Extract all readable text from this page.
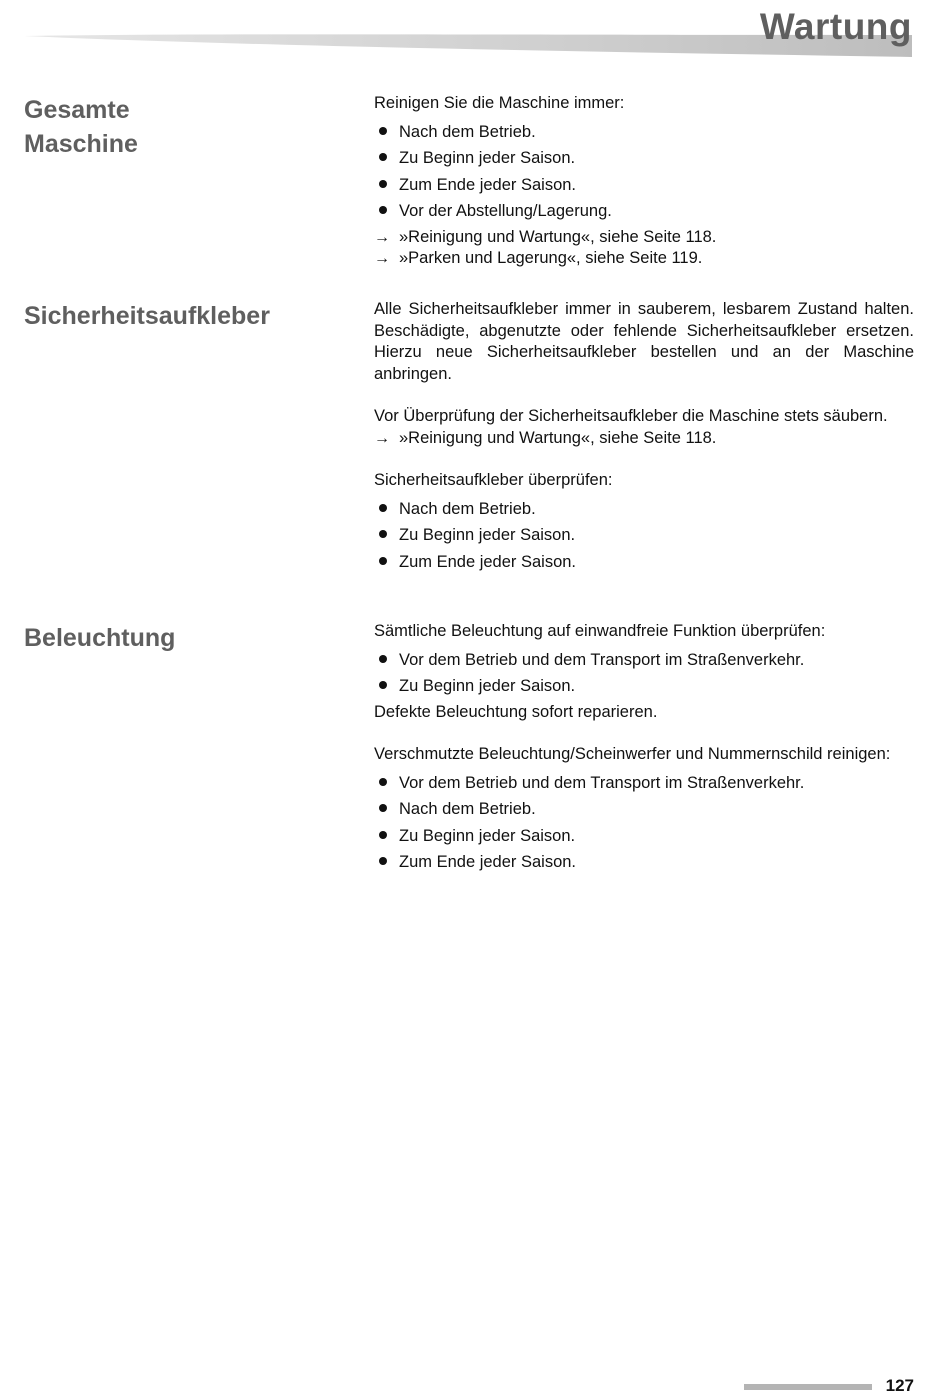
Wartung
Gesamte
Maschine

Reinigen Sie die Maschine immer:

Nach dem Betrieb.
Zu Beginn jeder Saison.
Zum Ende jeder Saison.
Vor der Abstellung/Lagerung.

→ »Reinigung und Wartung«, siehe Seite 118.

→ »Parken und Lagerung«, siehe Seite 119.

Sicherheitsaufkleber	Alle Sicherheitsaufkleber immer in sauberem, lesbarem Zustand halten. Beschädigte, abgenutzte oder fehlende Sicherheitsaufkleber ersetzen. Hierzu neue Sicherheitsaufkleber bestellen und an der Maschine anbringen.

Vor Überprüfung der Sicherheitsaufkleber die Maschine stets säubern.

→ »Reinigung und Wartung«, siehe Seite 118.

Sicherheitsaufkleber überprüfen:

Nach dem Betrieb.
Zu Beginn jeder Saison.
Zum Ende jeder Saison.
Beleuchtung	Sämtliche Beleuchtung auf einwandfreie Funktion überprüfen:

Vor dem Betrieb und dem Transport im Straßenverkehr.
Zu Beginn jeder Saison.

Defekte Beleuchtung sofort reparieren.

Verschmutzte Beleuchtung/Scheinwerfer und Nummernschild reinigen:

Vor dem Betrieb und dem Transport im Straßenverkehr.
Nach dem Betrieb.
Zu Beginn jeder Saison.
Zum Ende jeder Saison.
127
